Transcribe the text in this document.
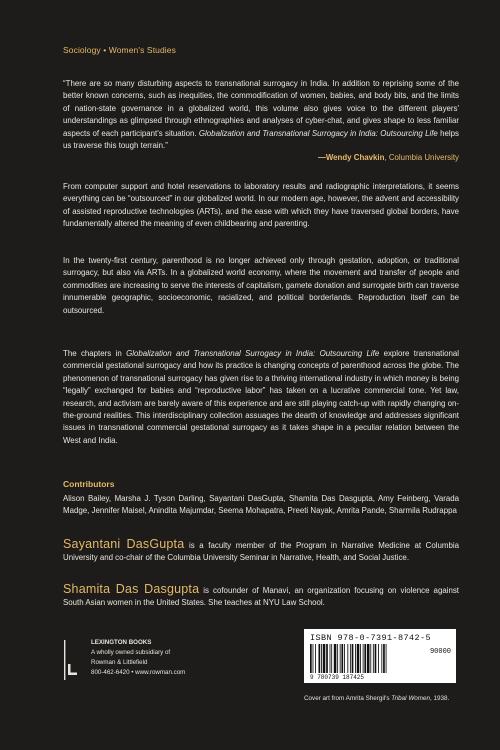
Sociology • Women's Studies

“There are so many disturbing aspects to transnational surrogacy in India. In addition to reprising some of the better known concerns, such as inequities, the commodification of women, babies, and body bits, and the limits of nation-state governance in a globalized world, this volume also gives voice to the different players' understandings as glimpsed through ethnographies and analyses of cyber-chat, and gives shape to less familiar aspects of each participant's situation. Globalization and Transnational Surrogacy in India: Outsourcing Life helps us traverse this tough terrain.”

—Wendy Chavkin, Columbia University

From computer support and hotel reservations to laboratory results and radiographic interpretations, it seems everything can be “outsourced” in our globalized world. In our modern age, however, the advent and accessibility of assisted reproductive technologies (ARTs), and the ease with which they have traversed global borders, have fundamentally altered the meaning of even childbearing and parenting.

In the twenty-first century, parenthood is no longer achieved only through gestation, adoption, or traditional surrogacy, but also via ARTs. In a globalized world economy, where the movement and transfer of people and commodities are increasing to serve the interests of capitalism, gamete donation and surrogate birth can traverse innumerable geographic, socioeconomic, racialized, and political borderlands. Reproduction itself can be outsourced.

The chapters in Globalization and Transnational Surrogacy in India: Outsourcing Life explore transnational commercial gestational surrogacy and how its practice is changing concepts of parenthood across the globe. The phenomenon of transnational surrogacy has given rise to a thriving international industry in which money is being “legally” exchanged for babies and “reproductive labor” has taken on a lucrative commercial tone. Yet law, research, and activism are barely aware of this experience and are still playing catch-up with rapidly changing on-the-ground realities. This interdisciplinary collection assuages the dearth of knowledge and addresses significant issues in transnational commercial gestational surrogacy as it takes shape in a peculiar relation between the West and India.

Contributors

Alison Bailey, Marsha J. Tyson Darling, Sayantani DasGupta, Shamita Das Dasgupta, Amy Feinberg, Varada Madge, Jennifer Maisel, Anindita Majumdar, Seema Mohapatra, Preeti Nayak, Amrita Pande, Sharmila Rudrappa

Sayantani DasGupta is a faculty member of the Program in Narrative Medicine at Columbia University and co-chair of the Columbia University Seminar in Narrative, Health, and Social Justice.

Shamita Das Dasgupta is cofounder of Manavi, an organization focusing on violence against South Asian women in the United States. She teaches at NYU Law School.

LEXINGTON BOOKS
A wholly owned subsidiary of
Rowman & Littlefield
800-462-6420 • www.rowman.com
ISBN 978-0-7391-8742-5
90000
9 780739 187425
Cover art from Amrita Shergil's Tribal Women, 1938.
